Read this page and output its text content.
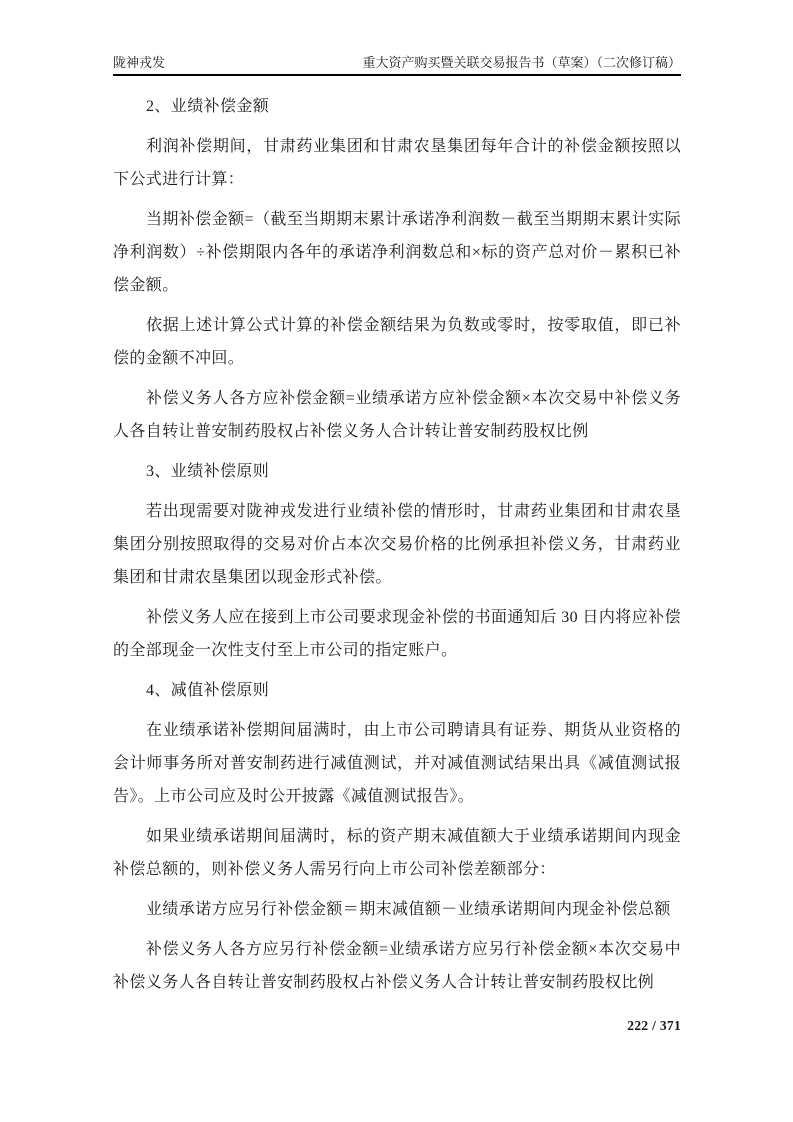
陇神戎发	重大资产购买暨关联交易报告书（草案）（二次修订稿）

2、业绩补偿金额

利润补偿期间，甘肃药业集团和甘肃农垦集团每年合计的补偿金额按照以下公式进行计算：

当期补偿金额=（截至当期期末累计承诺净利润数－截至当期期末累计实际净利润数）÷补偿期限内各年的承诺净利润数总和×标的资产总对价－累积已补偿金额。

依据上述计算公式计算的补偿金额结果为负数或零时，按零取值，即已补偿的金额不冲回。

补偿义务人各方应补偿金额=业绩承诺方应补偿金额×本次交易中补偿义务人各自转让普安制药股权占补偿义务人合计转让普安制药股权比例

3、业绩补偿原则

若出现需要对陇神戎发进行业绩补偿的情形时，甘肃药业集团和甘肃农垦集团分别按照取得的交易对价占本次交易价格的比例承担补偿义务，甘肃药业集团和甘肃农垦集团以现金形式补偿。

补偿义务人应在接到上市公司要求现金补偿的书面通知后 30 日内将应补偿的全部现金一次性支付至上市公司的指定账户。

4、减值补偿原则

在业绩承诺补偿期间届满时，由上市公司聘请具有证券、期货从业资格的会计师事务所对普安制药进行减值测试，并对减值测试结果出具《减值测试报告》。上市公司应及时公开披露《减值测试报告》。

如果业绩承诺期间届满时，标的资产期末减值额大于业绩承诺期间内现金补偿总额的，则补偿义务人需另行向上市公司补偿差额部分：

业绩承诺方应另行补偿金额＝期末减值额－业绩承诺期间内现金补偿总额

补偿义务人各方应另行补偿金额=业绩承诺方应另行补偿金额×本次交易中补偿义务人各自转让普安制药股权占补偿义务人合计转让普安制药股权比例

222 / 371
